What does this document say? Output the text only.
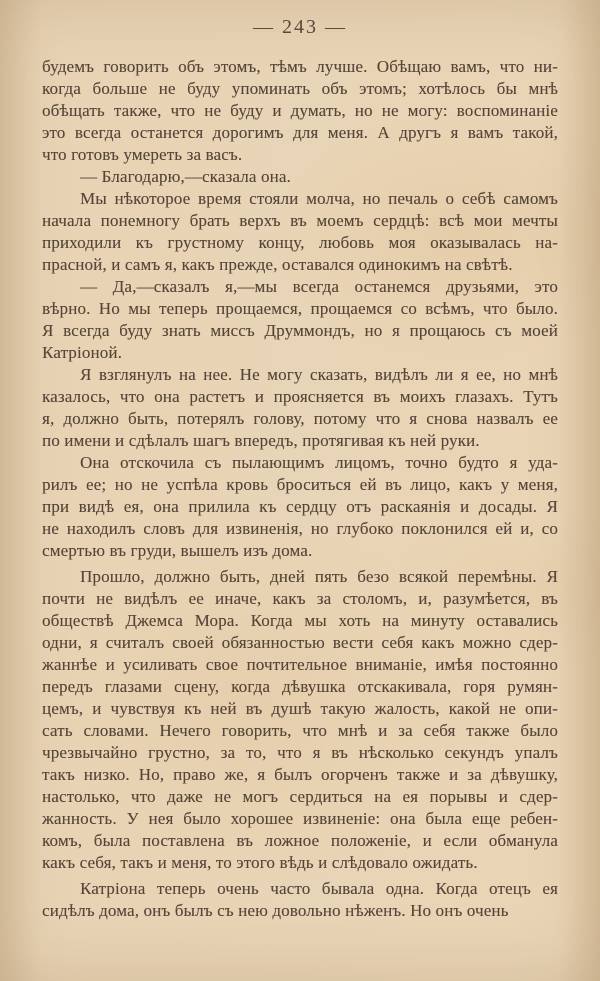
— 243 —

будемъ говорить объ этомъ, тѣмъ лучше. Обѣщаю вамъ, что ни-
когда больше не буду упоминать объ этомъ; хотѣлось бы мнѣ
обѣщать также, что не буду и думать, но не могу: воспоминаніе
это всегда останется дорогимъ для меня. А другъ я вамъ такой,
что готовъ умереть за васъ.

— Благодарю,—сказала она.

Мы нѣкоторое время стояли молча, но печаль о себѣ самомъ
начала понемногу брать верхъ въ моемъ сердцѣ: всѣ мои мечты
приходили къ грустному концу, любовь моя оказывалась на-
прасной, и самъ я, какъ прежде, оставался одинокимъ на свѣтѣ.

— Да,—сказалъ я,—мы всегда останемся друзьями, это
вѣрно. Но мы теперь прощаемся, прощаемся со всѣмъ, что было.
Я всегда буду знать миссъ Друммондъ, но я прощаюсь съ моей
Катріоной.

Я взглянулъ на нее. Не могу сказать, видѣлъ ли я ее, но мнѣ
казалось, что она растетъ и проясняется въ моихъ глазахъ. Тутъ
я, должно быть, потерялъ голову, потому что я снова назвалъ ее
по имени и сдѣлалъ шагъ впередъ, протягивая къ ней руки.

Она отскочила съ пылающимъ лицомъ, точно будто я уда-
рилъ ее; но не успѣла кровь броситься ей въ лицо, какъ у меня,
при видѣ ея, она прилила къ сердцу отъ раскаянія и досады. Я
не находилъ словъ для извиненія, но глубоко поклонился ей и, со
смертью въ груди, вышелъ изъ дома.

Прошло, должно быть, дней пять безо всякой перемѣны. Я
почти не видѣлъ ее иначе, какъ за столомъ, и, разумѣется, въ
обществѣ Джемса Мора. Когда мы хоть на минуту оставались
одни, я считалъ своей обязанностью вести себя какъ можно сдер-
жаннѣе и усиливать свое почтительное вниманіе, имѣя постоянно
передъ глазами сцену, когда дѣвушка отскакивала, горя румян-
цемъ, и чувствуя къ ней въ душѣ такую жалость, какой не опи-
сать словами. Нечего говорить, что мнѣ и за себя также было
чрезвычайно грустно, за то, что я въ нѣсколько секундъ упалъ
такъ низко. Но, право же, я былъ огорченъ также и за дѣвушку,
настолько, что даже не могъ сердиться на ея порывы и сдер-
жанность. У нея было хорошее извиненіе: она была еще ребен-
комъ, была поставлена въ ложное положеніе, и если обманула
какъ себя, такъ и меня, то этого вѣдь и слѣдовало ожидать.

Катріона теперь очень часто бывала одна. Когда отецъ ея
сидѣлъ дома, онъ былъ съ нею довольно нѣженъ. Но онъ очень
